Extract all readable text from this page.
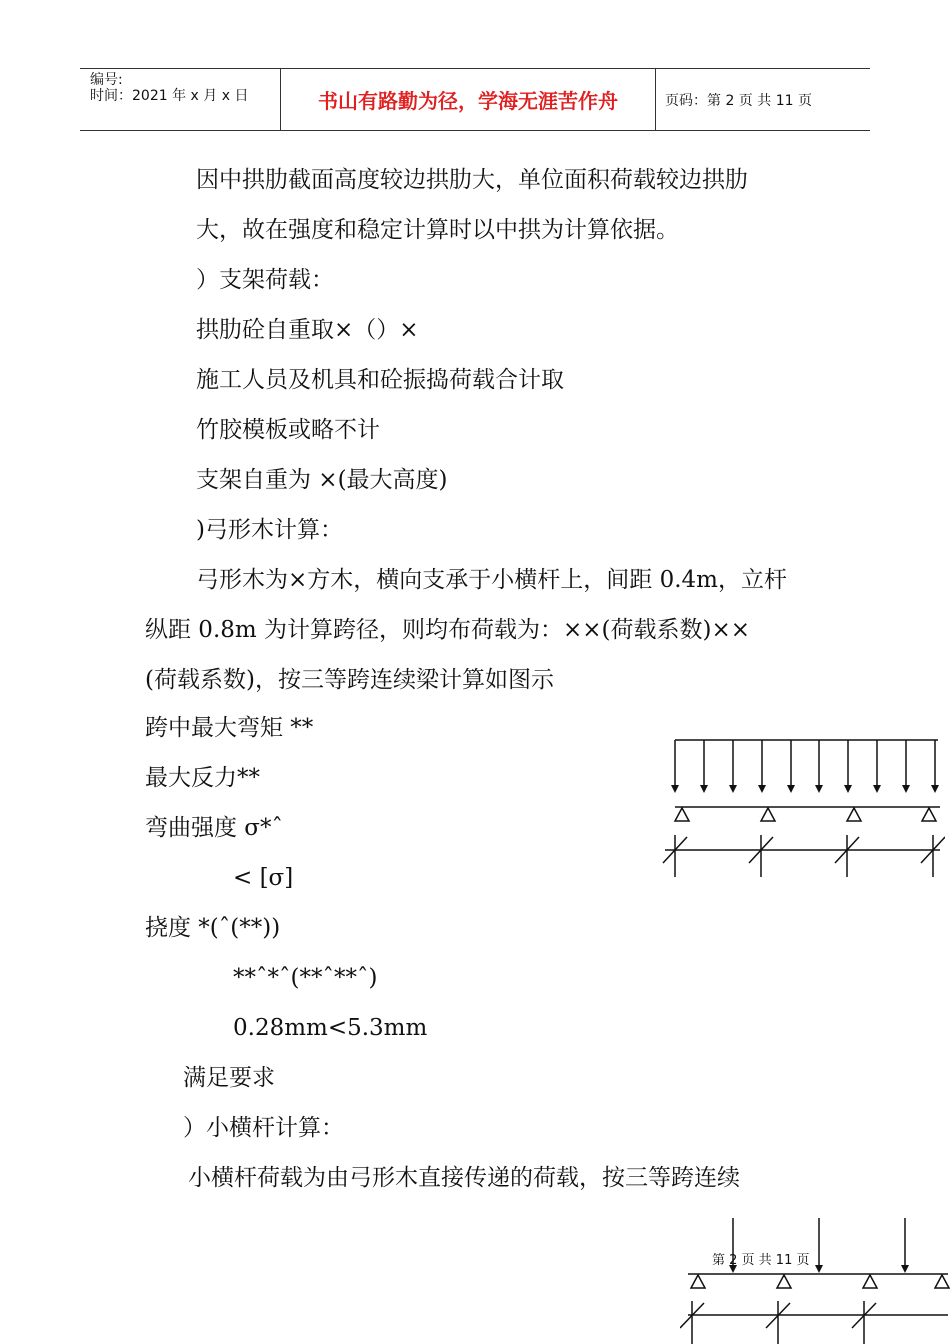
编号:
时间：2021 年 x 月 x 日	书山有路勤为径，学海无涯苦作舟	页码：第 2 页 共 11 页
因中拱肋截面高度较边拱肋大，单位面积荷载较边拱肋
大，故在强度和稳定计算时以中拱为计算依据。
）支架荷载：
拱肋砼自重取×（）×
施工人员及机具和砼振捣荷载合计取
竹胶模板或略不计
支架自重为 ×(最大高度)
)弓形木计算：
弓形木为×方木，横向支承于小横杆上，间距 0.4m，立杆
纵距 0.8m 为计算跨径，则均布荷载为：××(荷载系数)××
(荷载系数)，按三等跨连续梁计算如图示
跨中最大弯矩 **
最大反力**
弯曲强度 σ*ˆ
< [σ]
挠度 *(ˆ(**))
**ˆ*ˆ(**ˆ**ˆ)
0.28mm<5.3mm
满足要求
）小横杆计算：
小横杆荷载为由弓形木直接传递的荷载，按三等跨连续
第 2 页 共 11 页
